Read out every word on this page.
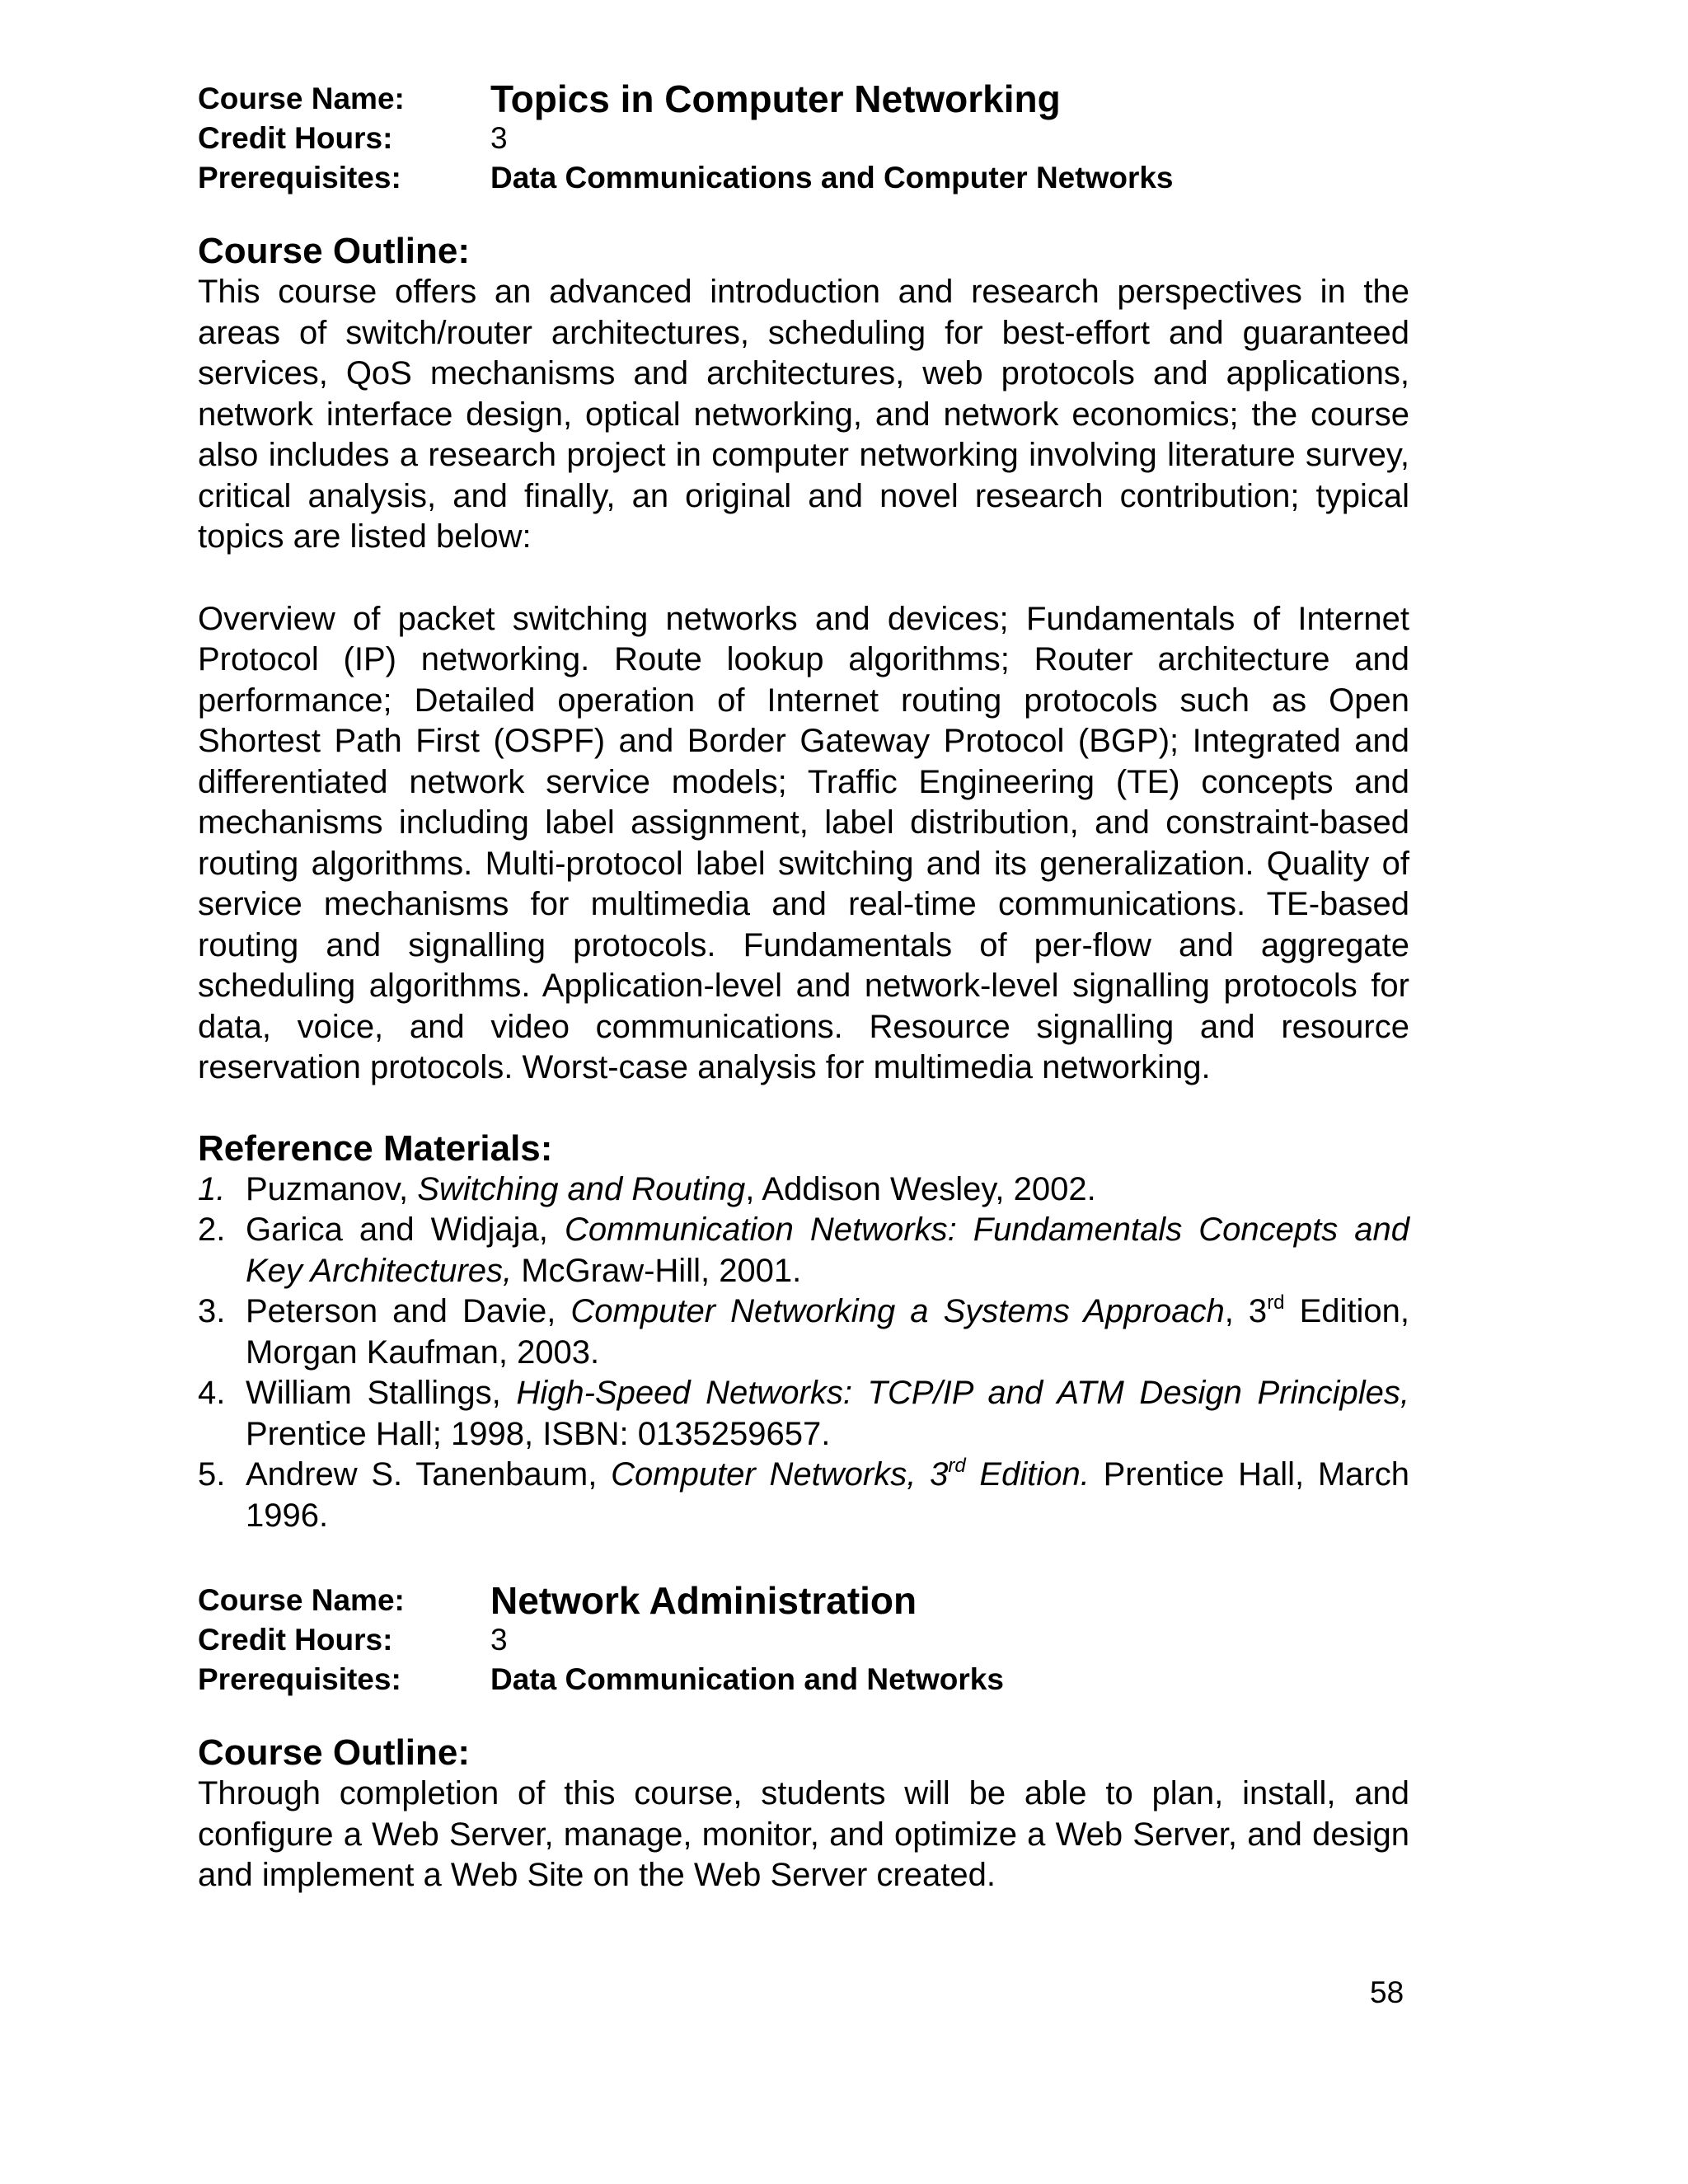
Course Name:	Topics in Computer Networking
Credit Hours:	3
Prerequisites:	Data Communications and Computer Networks
Course Outline:
This course offers an advanced introduction and research perspectives in the areas of switch/router architectures, scheduling for best-effort and guaranteed services, QoS mechanisms and architectures, web protocols and applications, network interface design, optical networking, and network economics; the course also includes a research project in computer networking involving literature survey, critical analysis, and finally, an original and novel research contribution; typical topics are listed below:
Overview of packet switching networks and devices; Fundamentals of Internet Protocol (IP) networking. Route lookup algorithms; Router architecture and performance; Detailed operation of Internet routing protocols such as Open Shortest Path First (OSPF) and Border Gateway Protocol (BGP); Integrated and differentiated network service models; Traffic Engineering (TE) concepts and mechanisms including label assignment, label distribution, and constraint-based routing algorithms. Multi-protocol label switching and its generalization. Quality of service mechanisms for multimedia and real-time communications. TE-based routing and signalling protocols. Fundamentals of per-flow and aggregate scheduling algorithms. Application-level and network-level signalling protocols for data, voice, and video communications. Resource signalling and resource reservation protocols. Worst-case analysis for multimedia networking.
Reference Materials:
1. Puzmanov, Switching and Routing, Addison Wesley, 2002.
2. Garica and Widjaja, Communication Networks: Fundamentals Concepts and Key Architectures, McGraw-Hill, 2001.
3. Peterson and Davie, Computer Networking a Systems Approach, 3rd Edition, Morgan Kaufman, 2003.
4. William Stallings, High-Speed Networks: TCP/IP and ATM Design Principles, Prentice Hall; 1998, ISBN: 0135259657.
5. Andrew S. Tanenbaum, Computer Networks, 3rd Edition. Prentice Hall, March 1996.
Course Name:	Network Administration
Credit Hours:	3
Prerequisites:	Data Communication and Networks
Course Outline:
Through completion of this course, students will be able to plan, install, and configure a Web Server, manage, monitor, and optimize a Web Server, and design and implement a Web Site on the Web Server created.
58
